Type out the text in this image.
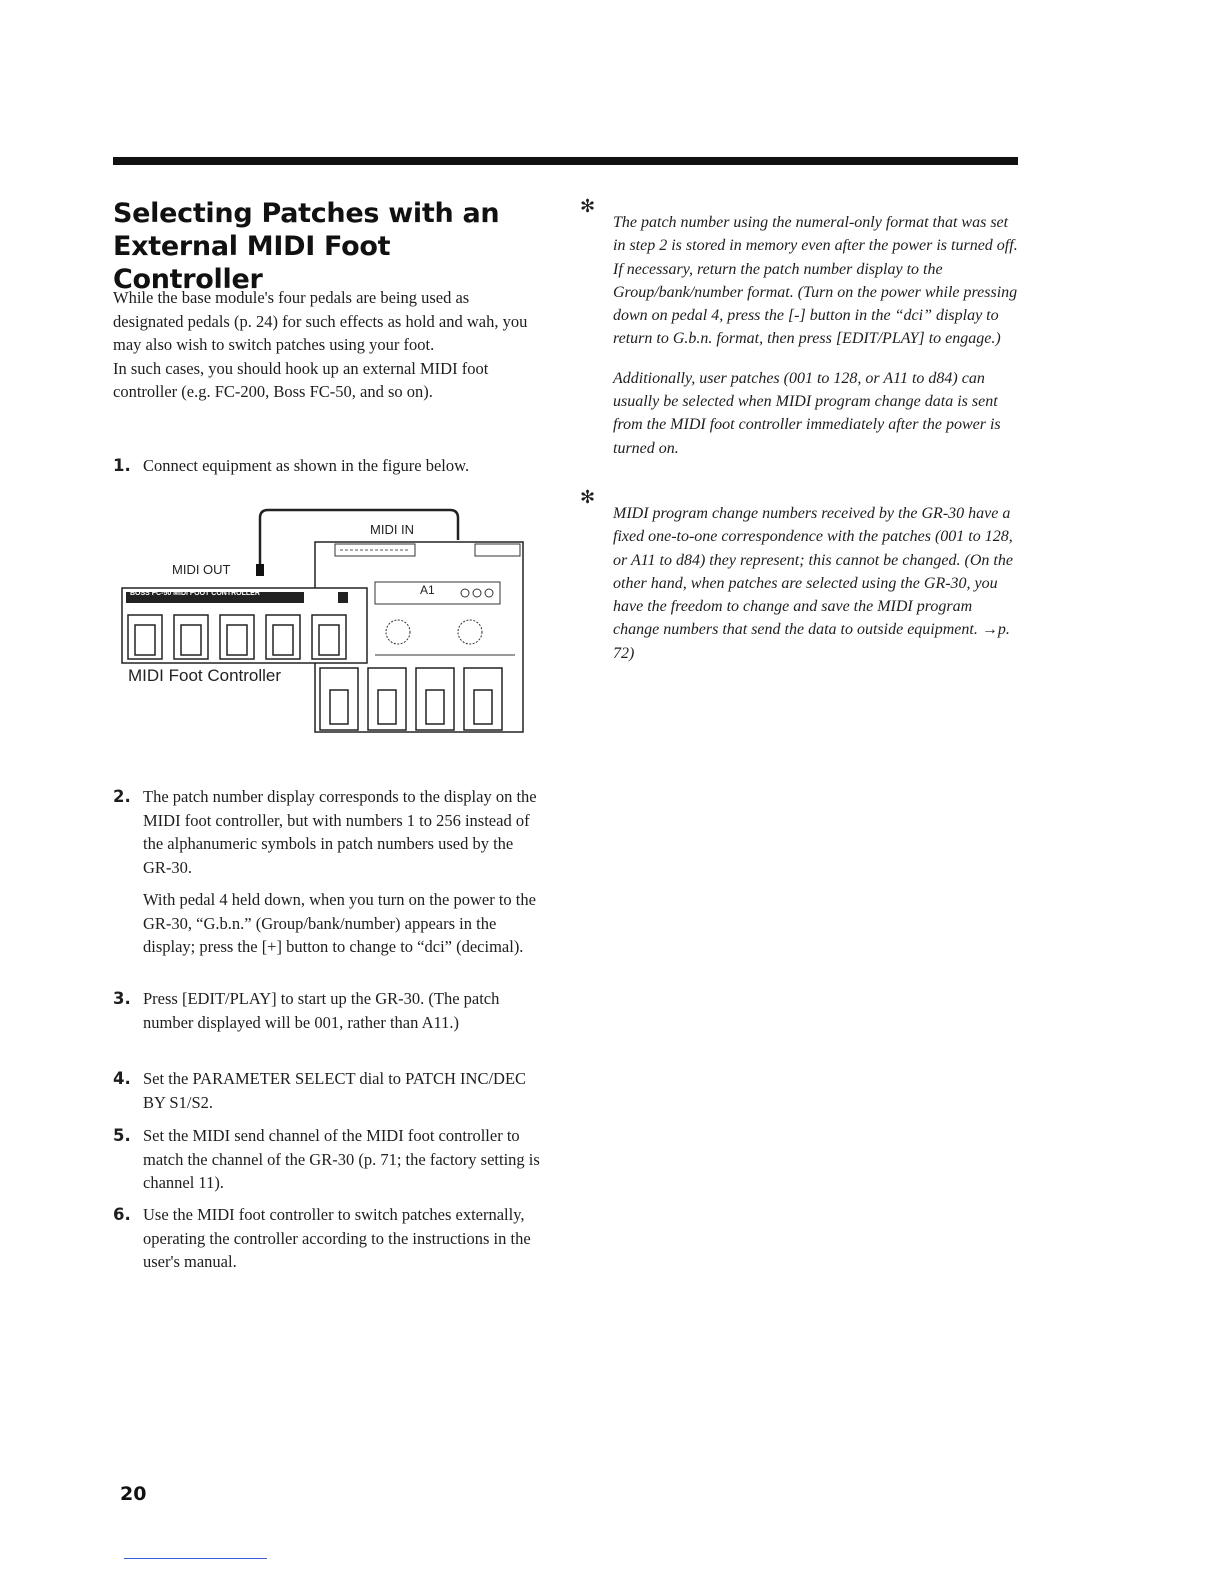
Selecting Patches with an External MIDI Foot Controller

While the base module's four pedals are being used as designated pedals (p. 24) for such effects as hold and wah, you may also wish to switch patches using your foot.

In such cases, you should hook up an external MIDI foot controller (e.g. FC-200, Boss FC-50, and so on).

1. Connect equipment as shown in the figure below.

MIDI IN
MIDI OUT
BOSS FC-50 MIDI FOOT CONTROLLER	A1
MIDI Foot Controller
2. The patch number display corresponds to the display on the MIDI foot controller, but with numbers 1 to 256 instead of the alphanumeric symbols in patch numbers used by the GR-30.

With pedal 4 held down, when you turn on the power to the GR-30, “G.b.n.” (Group/bank/number) appears in the display; press the [+] button to change to “dci” (decimal).

3. Press [EDIT/PLAY] to start up the GR-30. (The patch number displayed will be 001, rather than A11.)

4. Set the PARAMETER SELECT dial to PATCH INC/DEC BY S1/S2.

5. Set the MIDI send channel of the MIDI foot controller to match the channel of the GR-30 (p. 71; the factory setting is channel 11).

6. Use the MIDI foot controller to switch patches externally, operating the controller according to the instructions in the user's manual.

✻

The patch number using the numeral-only format that was set in step 2 is stored in memory even after the power is turned off. If necessary, return the patch number display to the Group/bank/number format. (Turn on the power while pressing down on pedal 4, press the [-] button in the “dci” display to return to G.b.n. format, then press [EDIT/PLAY] to engage.)

Additionally, user patches (001 to 128, or A11 to d84) can usually be selected when MIDI program change data is sent from the MIDI foot controller immediately after the power is turned on.

✻

MIDI program change numbers received by the GR-30 have a fixed one-to-one correspondence with the patches (001 to 128, or A11 to d84) they represent; this cannot be changed. (On the other hand, when patches are selected using the GR-30, you have the freedom to change and save the MIDI program change numbers that send the data to outside equipment. →p. 72)

20
